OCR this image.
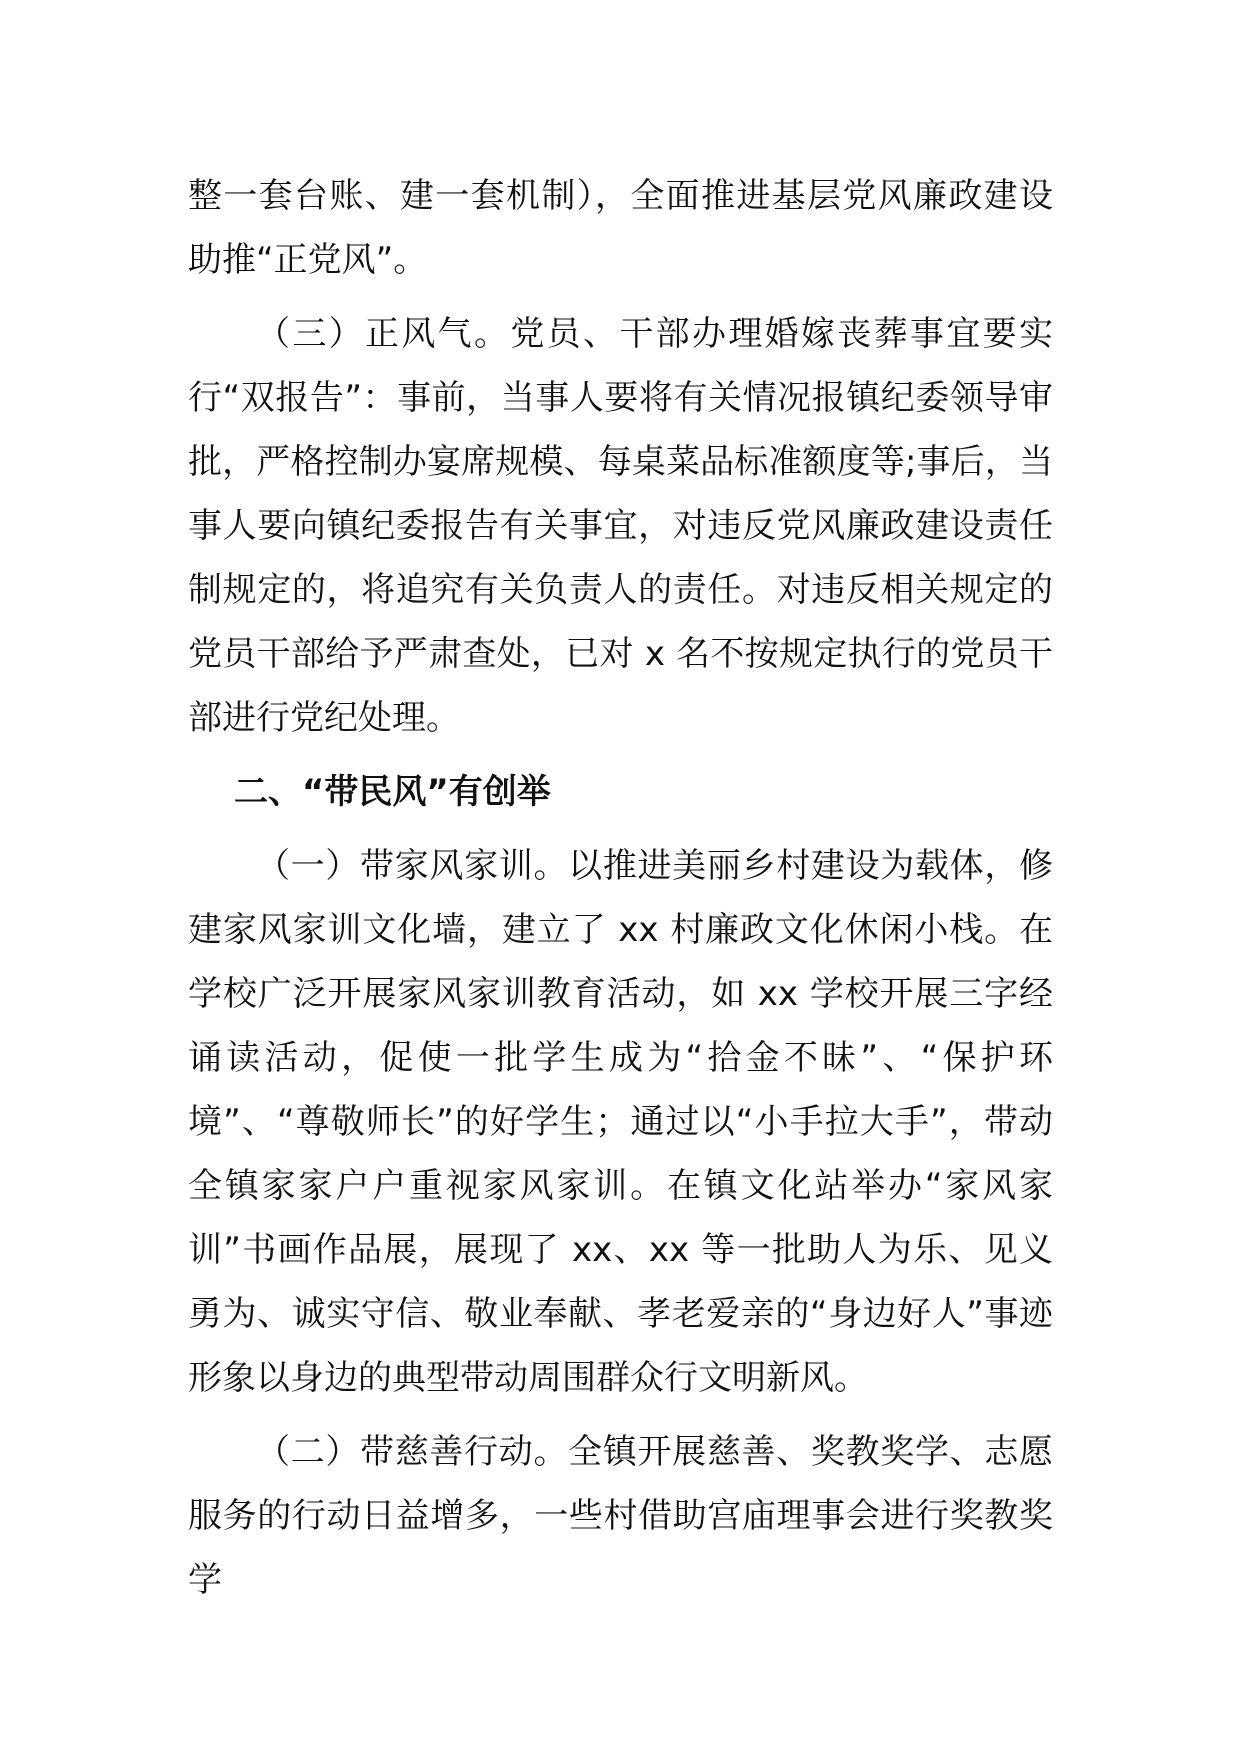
整一套台账、建一套机制），全面推进基层党风廉政建设助推“正党风”。

（三）正风气。党员、干部办理婚嫁丧葬事宜要实行“双报告”：事前，当事人要将有关情况报镇纪委领导审批，严格控制办宴席规模、每桌菜品标准额度等;事后，当事人要向镇纪委报告有关事宜，对违反党风廉政建设责任制规定的，将追究有关负责人的责任。对违反相关规定的党员干部给予严肃查处，已对 x 名不按规定执行的党员干部进行党纪处理。

二、“带民风”有创举

（一）带家风家训。以推进美丽乡村建设为载体，修建家风家训文化墙，建立了 xx 村廉政文化休闲小栈。在学校广泛开展家风家训教育活动，如 xx 学校开展三字经诵读活动，促使一批学生成为“拾金不昧”、“保护环境”、“尊敬师长”的好学生；通过以“小手拉大手”，带动全镇家家户户重视家风家训。在镇文化站举办“家风家训”书画作品展，展现了 xx、xx 等一批助人为乐、见义勇为、诚实守信、敬业奉献、孝老爱亲的“身边好人”事迹形象以身边的典型带动周围群众行文明新风。

（二）带慈善行动。全镇开展慈善、奖教奖学、志愿服务的行动日益增多，一些村借助宫庙理事会进行奖教奖学
